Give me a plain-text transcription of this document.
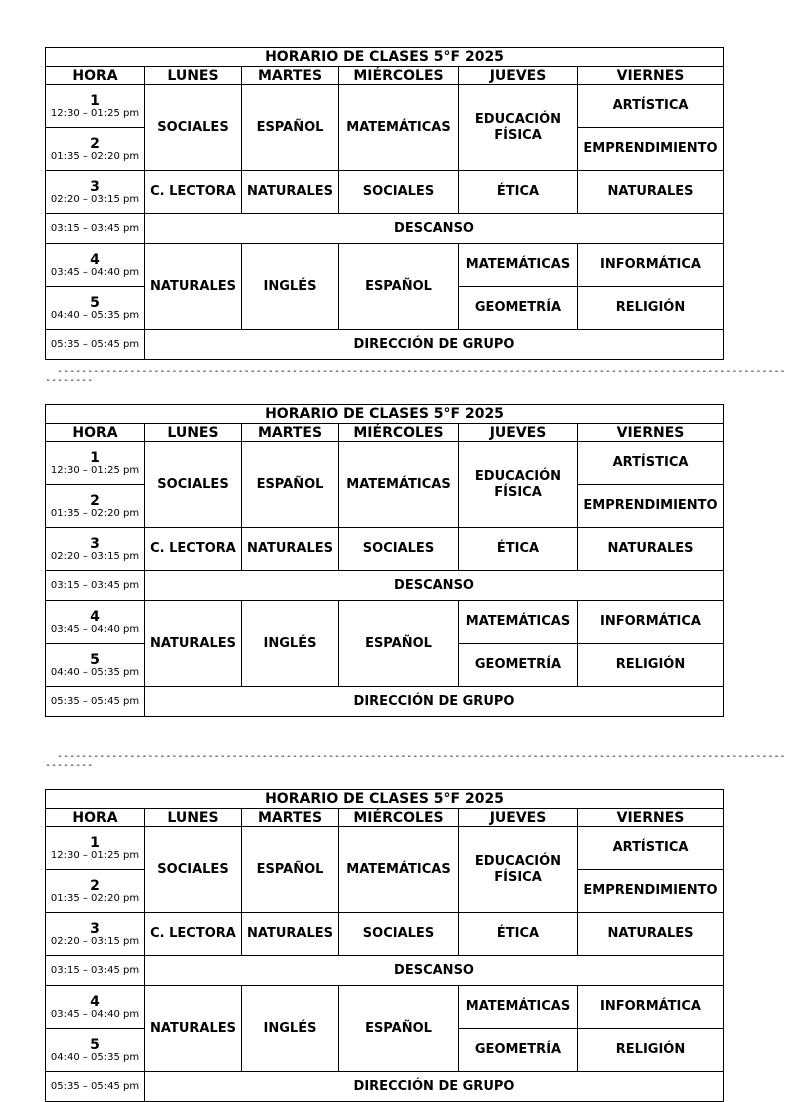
HORARIO DE CLASES 5°F 2025					
HORA	LUNES	MARTES	MIÉRCOLES	JUEVES	VIERNES

1
12:30 – 01:25 pm	SOCIALES	ESPAÑOL	MATEMÁTICAS	EDUCACIÓN FÍSICA	ARTÍSTICA

2
01:35 – 02:20 pm					EMPRENDIMIENTO

3
02:20 – 03:15 pm	C. LECTORA	NATURALES	SOCIALES	ÉTICA	NATURALES

03:15 – 03:45 pm	DESCANSO				

4
03:45 – 04:40 pm	NATURALES	INGLÉS	ESPAÑOL	MATEMÁTICAS	INFORMÁTICA

5
04:40 – 05:35 pm				GEOMETRÍA	RELIGIÓN

05:35 – 05:45 pm	DIRECCIÓN DE GRUPO				

-------------------------------------------------------------------------------------------------------------------------

--------
HORARIO DE CLASES 5°F 2025					
HORA	LUNES	MARTES	MIÉRCOLES	JUEVES	VIERNES

1
12:30 – 01:25 pm	SOCIALES	ESPAÑOL	MATEMÁTICAS	EDUCACIÓN FÍSICA	ARTÍSTICA

2
01:35 – 02:20 pm					EMPRENDIMIENTO

3
02:20 – 03:15 pm	C. LECTORA	NATURALES	SOCIALES	ÉTICA	NATURALES

03:15 – 03:45 pm	DESCANSO				

4
03:45 – 04:40 pm	NATURALES	INGLÉS	ESPAÑOL	MATEMÁTICAS	INFORMÁTICA

5
04:40 – 05:35 pm				GEOMETRÍA	RELIGIÓN

05:35 – 05:45 pm	DIRECCIÓN DE GRUPO				

-------------------------------------------------------------------------------------------------------------------------

--------
HORARIO DE CLASES 5°F 2025					
HORA	LUNES	MARTES	MIÉRCOLES	JUEVES	VIERNES

1
12:30 – 01:25 pm	SOCIALES	ESPAÑOL	MATEMÁTICAS	EDUCACIÓN FÍSICA	ARTÍSTICA

2
01:35 – 02:20 pm					EMPRENDIMIENTO

3
02:20 – 03:15 pm	C. LECTORA	NATURALES	SOCIALES	ÉTICA	NATURALES

03:15 – 03:45 pm	DESCANSO				

4
03:45 – 04:40 pm	NATURALES	INGLÉS	ESPAÑOL	MATEMÁTICAS	INFORMÁTICA

5
04:40 – 05:35 pm				GEOMETRÍA	RELIGIÓN

05:35 – 05:45 pm	DIRECCIÓN DE GRUPO				
